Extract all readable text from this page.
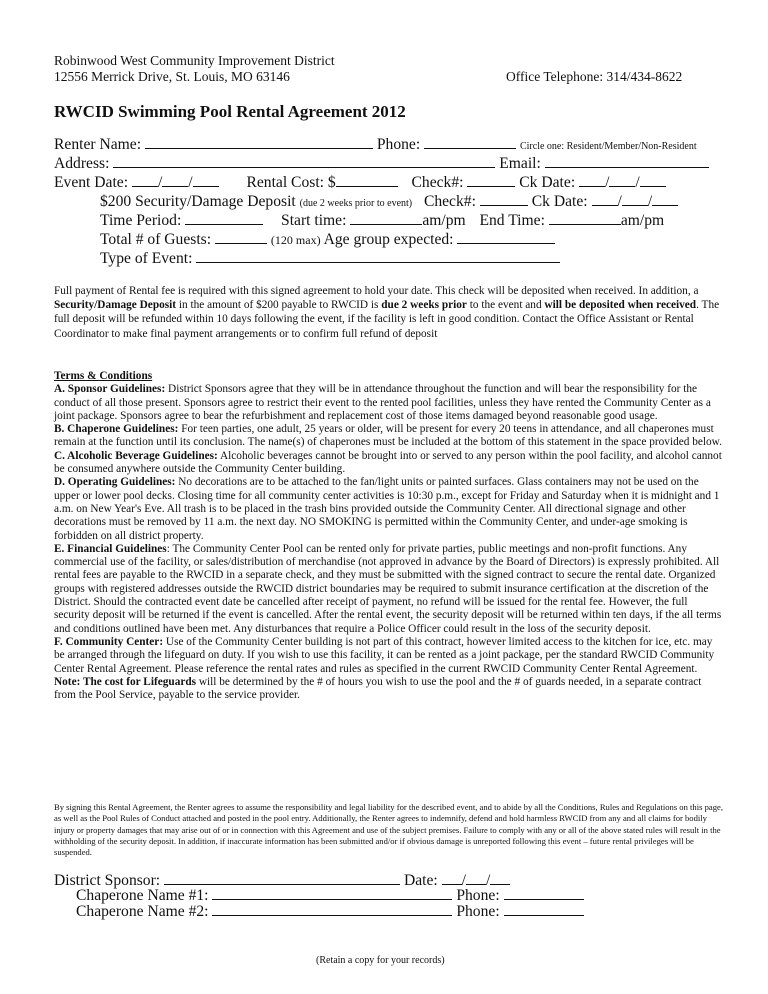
Robinwood West Community Improvement District
12556 Merrick Drive, St. Louis, MO 63146	Office Telephone: 314/434-8622
RWCID Swimming Pool Rental Agreement 2012
Renter Name:	Phone:	Circle one: Resident/Member/Non-Resident
Address:	Email:
Event Date: / /	Rental Cost: $	Check#:	Ck Date: / /
$200 Security/Damage Deposit (due 2 weeks prior to event) Check#:	Ck Date: / /
Time Period:	Start time:	am/pm End Time:	am/pm
Total # of Guests:	(120 max) Age group expected:
Type of Event:
Full payment of Rental fee is required with this signed agreement to hold your date. This check will be deposited when received. In addition, a Security/Damage Deposit in the amount of $200 payable to RWCID is due 2 weeks prior to the event and will be deposited when received. The full deposit will be refunded within 10 days following the event, if the facility is left in good condition. Contact the Office Assistant or Rental Coordinator to make final payment arrangements or to confirm full refund of deposit
Terms & Conditions
A. Sponsor Guidelines: District Sponsors agree that they will be in attendance throughout the function and will bear the responsibility for the conduct of all those present. Sponsors agree to restrict their event to the rented pool facilities, unless they have rented the Community Center as a joint package. Sponsors agree to bear the refurbishment and replacement cost of those items damaged beyond reasonable good usage.
B. Chaperone Guidelines: For teen parties, one adult, 25 years or older, will be present for every 20 teens in attendance, and all chaperones must remain at the function until its conclusion. The name(s) of chaperones must be included at the bottom of this statement in the space provided below.
C. Alcoholic Beverage Guidelines: Alcoholic beverages cannot be brought into or served to any person within the pool facility, and alcohol cannot be consumed anywhere outside the Community Center building.
D. Operating Guidelines: No decorations are to be attached to the fan/light units or painted surfaces. Glass containers may not be used on the upper or lower pool decks. Closing time for all community center activities is 10:30 p.m., except for Friday and Saturday when it is midnight and 1 a.m. on New Year's Eve. All trash is to be placed in the trash bins provided outside the Community Center. All directional signage and other decorations must be removed by 11 a.m. the next day. NO SMOKING is permitted within the Community Center, and under-age smoking is forbidden on all district property.
E. Financial Guidelines: The Community Center Pool can be rented only for private parties, public meetings and non-profit functions. Any commercial use of the facility, or sales/distribution of merchandise (not approved in advance by the Board of Directors) is expressly prohibited. All rental fees are payable to the RWCID in a separate check, and they must be submitted with the signed contract to secure the rental date. Organized groups with registered addresses outside the RWCID district boundaries may be required to submit insurance certification at the discretion of the District. Should the contracted event date be cancelled after receipt of payment, no refund will be issued for the rental fee. However, the full security deposit will be returned if the event is cancelled. After the rental event, the security deposit will be returned within ten days, if the all terms and conditions outlined have been met. Any disturbances that require a Police Officer could result in the loss of the security deposit.
F. Community Center: Use of the Community Center building is not part of this contract, however limited access to the kitchen for ice, etc. may be arranged through the lifeguard on duty. If you wish to use this facility, it can be rented as a joint package, per the standard RWCID Community Center Rental Agreement. Please reference the rental rates and rules as specified in the current RWCID Community Center Rental Agreement.
Note: The cost for Lifeguards will be determined by the # of hours you wish to use the pool and the # of guards needed, in a separate contract from the Pool Service, payable to the service provider.
By signing this Rental Agreement, the Renter agrees to assume the responsibility and legal liability for the described event, and to abide by all the Conditions, Rules and Regulations on this page, as well as the Pool Rules of Conduct attached and posted in the pool entry. Additionally, the Renter agrees to indemnify, defend and hold harmless RWCID from any and all claims for bodily injury or property damages that may arise out of or in connection with this Agreement and use of the subject premises. Failure to comply with any or all of the above stated rules will result in the withholding of the security deposit. In addition, if inaccurate information has been submitted and/or if obvious damage is unreported following this event – future rental privileges will be suspended.
District Sponsor:	Date: / /
Chaperone Name #1:	Phone:
Chaperone Name #2:	Phone:
(Retain a copy for your records)
